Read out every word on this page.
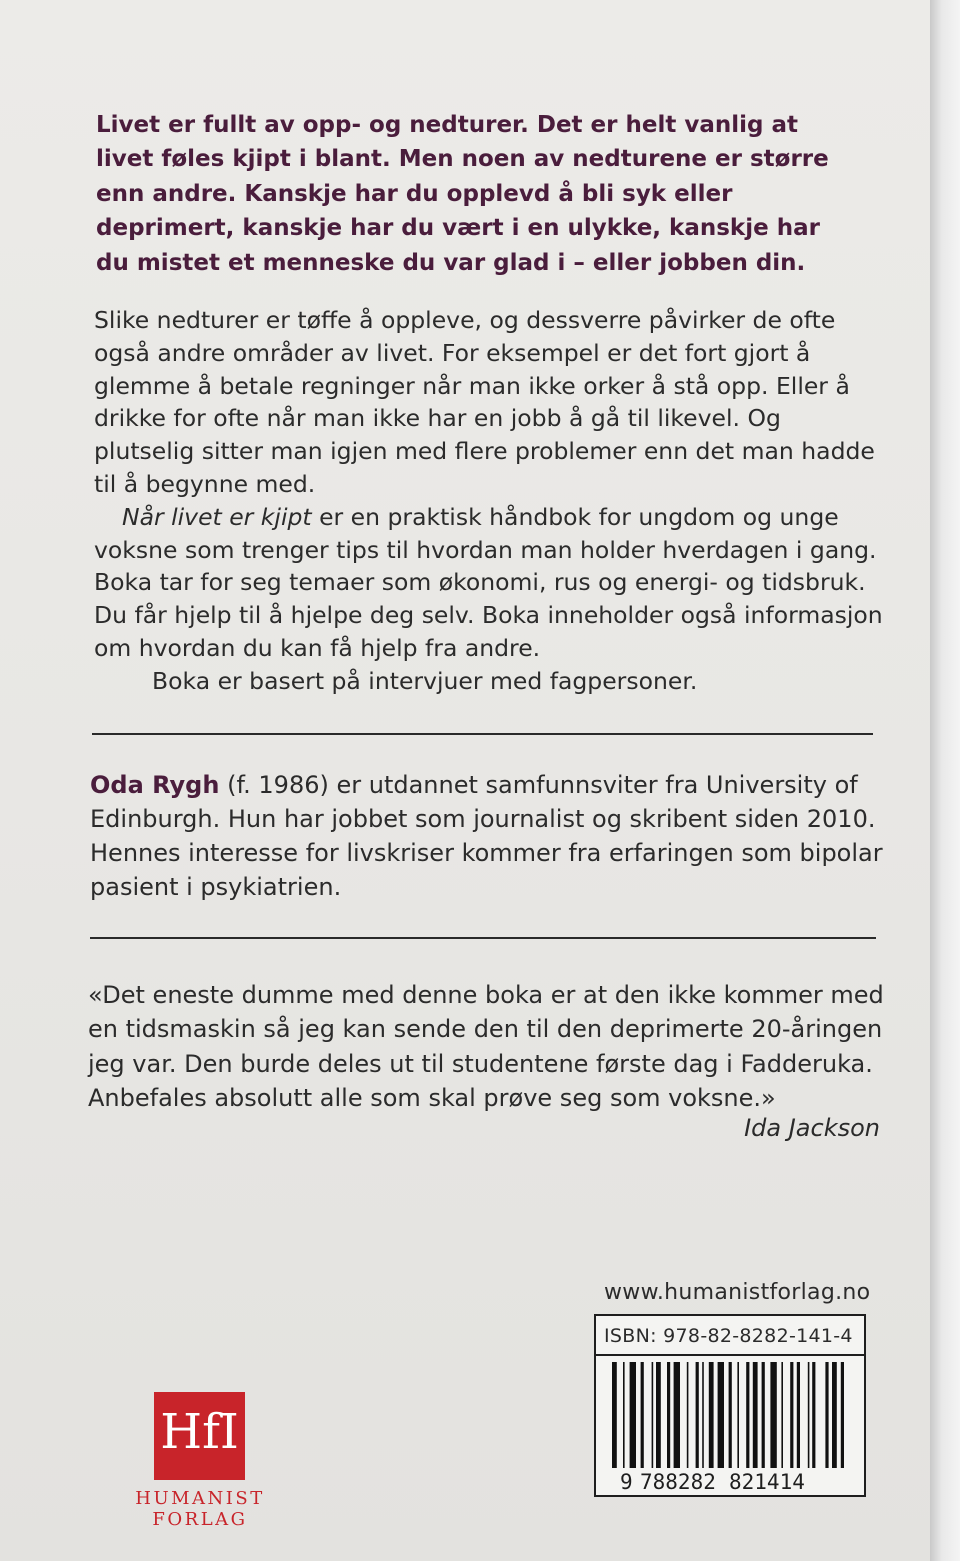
Livet er fullt av opp- og nedturer. Det er helt vanlig at livet føles kjipt i blant. Men noen av nedturene er større enn andre. Kanskje har du opplevd å bli syk eller deprimert, kanskje har du vært i en ulykke, kanskje har du mistet et menneske du var glad i – eller jobben din.

Slike nedturer er tøffe å oppleve, og dessverre påvirker de ofte også andre områder av livet. For eksempel er det fort gjort å glemme å betale regninger når man ikke orker å stå opp. Eller å drikke for ofte når man ikke har en jobb å gå til likevel. Og plutselig sitter man igjen med flere problemer enn det man hadde til å begynne med.

Når livet er kjipt er en praktisk håndbok for ungdom og unge voksne som trenger tips til hvordan man holder hverdagen i gang. Boka tar for seg temaer som økonomi, rus og energi- og tidsbruk. Du får hjelp til å hjelpe deg selv. Boka inneholder også informasjon om hvordan du kan få hjelp fra andre.

Boka er basert på intervjuer med fagpersoner.

Oda Rygh (f. 1986) er utdannet samfunnsviter fra University of Edinburgh. Hun har jobbet som journalist og skribent siden 2010. Hennes interesse for livskriser kommer fra erfaringen som bipolar pasient i psykiatrien.

«Det eneste dumme med denne boka er at den ikke kommer med en tidsmaskin så jeg kan sende den til den deprimerte 20-åringen jeg var. Den burde deles ut til studentene første dag i Fadderuka. Anbefales absolutt alle som skal prøve seg som voksne.»

Ida Jackson
www.humanistforlag.no
ISBN: 978-82-8282-141-4
9 788282 821414
HfI
HUMANIST FORLAG
